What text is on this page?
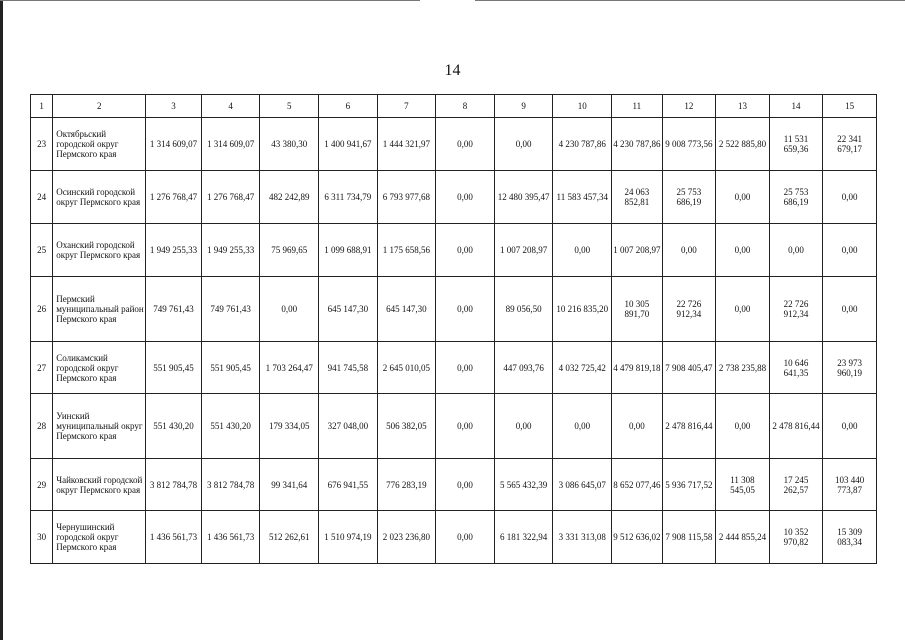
14
1	2	3	4	5	6	7	8	9	10	11	12	13	14	15
23	Октябрьский городской округ Пермского края	1 314 609,07	1 314 609,07	43 380,30	1 400 941,67	1 444 321,97	0,00	0,00	4 230 787,86	4 230 787,86	9 008 773,56	2 522 885,80	11 531 659,36	22 341 679,17
24	Осинский городской округ Пермского края	1 276 768,47	1 276 768,47	482 242,89	6 311 734,79	6 793 977,68	0,00	12 480 395,47	11 583 457,34	24 063 852,81	25 753 686,19	0,00	25 753 686,19	0,00
25	Оханский городской округ Пермского края	1 949 255,33	1 949 255,33	75 969,65	1 099 688,91	1 175 658,56	0,00	1 007 208,97	0,00	1 007 208,97	0,00	0,00	0,00	0,00
26	Пермский муниципальный район Пермского края	749 761,43	749 761,43	0,00	645 147,30	645 147,30	0,00	89 056,50	10 216 835,20	10 305 891,70	22 726 912,34	0,00	22 726 912,34	0,00
27	Соликамский городской округ Пермского края	551 905,45	551 905,45	1 703 264,47	941 745,58	2 645 010,05	0,00	447 093,76	4 032 725,42	4 479 819,18	7 908 405,47	2 738 235,88	10 646 641,35	23 973 960,19
28	Уинский муниципальный округ Пермского края	551 430,20	551 430,20	179 334,05	327 048,00	506 382,05	0,00	0,00	0,00	0,00	2 478 816,44	0,00	2 478 816,44	0,00
29	Чайковский городской округ Пермского края	3 812 784,78	3 812 784,78	99 341,64	676 941,55	776 283,19	0,00	5 565 432,39	3 086 645,07	8 652 077,46	5 936 717,52	11 308 545,05	17 245 262,57	103 440 773,87
30	Чернушинский городской округ Пермского края	1 436 561,73	1 436 561,73	512 262,61	1 510 974,19	2 023 236,80	0,00	6 181 322,94	3 331 313,08	9 512 636,02	7 908 115,58	2 444 855,24	10 352 970,82	15 309 083,34
